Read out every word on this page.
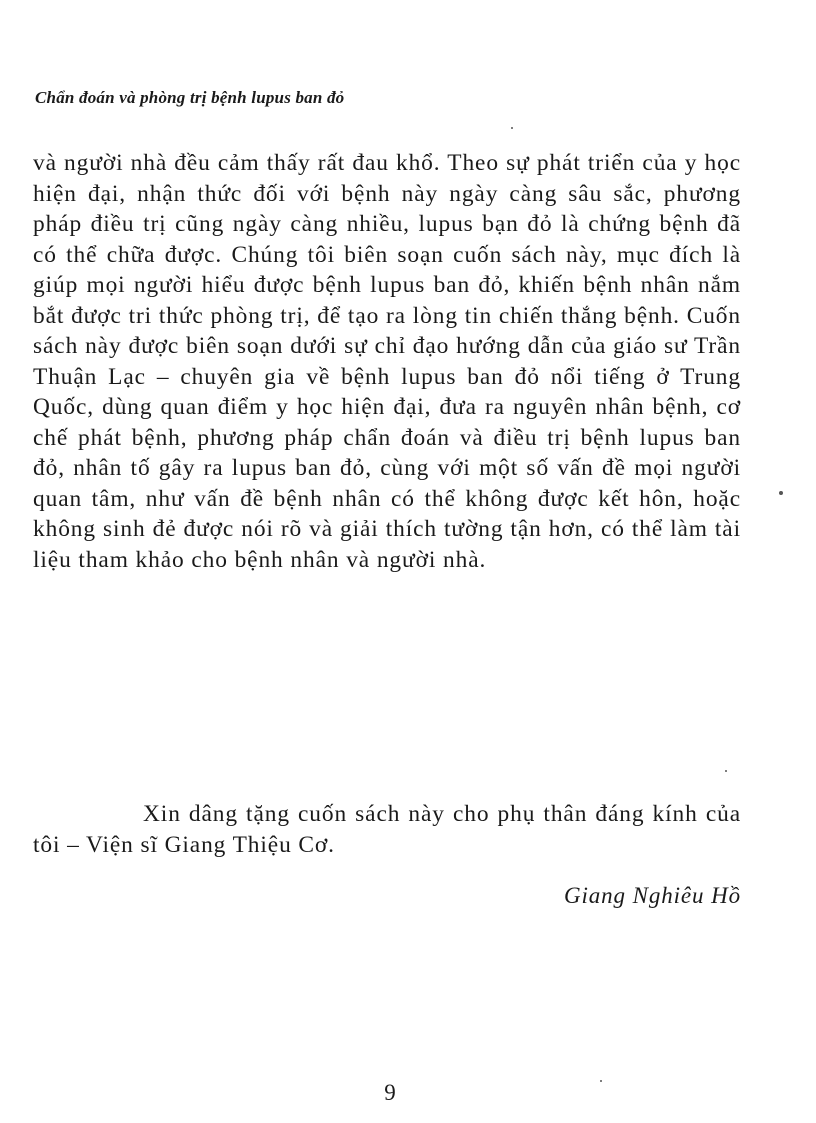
Chẩn đoán và phòng trị bệnh lupus ban đỏ

và người nhà đều cảm thấy rất đau khổ. Theo sự phát triển của y học hiện đại, nhận thức đối với bệnh này ngày càng sâu sắc, phương pháp điều trị cũng ngày càng nhiều, lupus bạn đỏ là chứng bệnh đã có thể chữa được. Chúng tôi biên soạn cuốn sách này, mục đích là giúp mọi người hiểu được bệnh lupus ban đỏ, khiến bệnh nhân nắm bắt được tri thức phòng trị, để tạo ra lòng tin chiến thắng bệnh. Cuốn sách này được biên soạn dưới sự chỉ đạo hướng dẫn của giáo sư Trần Thuận Lạc – chuyên gia về bệnh lupus ban đỏ nổi tiếng ở Trung Quốc, dùng quan điểm y học hiện đại, đưa ra nguyên nhân bệnh, cơ chế phát bệnh, phương pháp chẩn đoán và điều trị bệnh lupus ban đỏ, nhân tố gây ra lupus ban đỏ, cùng với một số vấn đề mọi người quan tâm, như vấn đề bệnh nhân có thể không được kết hôn, hoặc không sinh đẻ được nói rõ và giải thích tường tận hơn, có thể làm tài liệu tham khảo cho bệnh nhân và người nhà.

Xin dâng tặng cuốn sách này cho phụ thân đáng kính của tôi – Viện sĩ Giang Thiệu Cơ.

Giang Nghiêu Hồ
9
